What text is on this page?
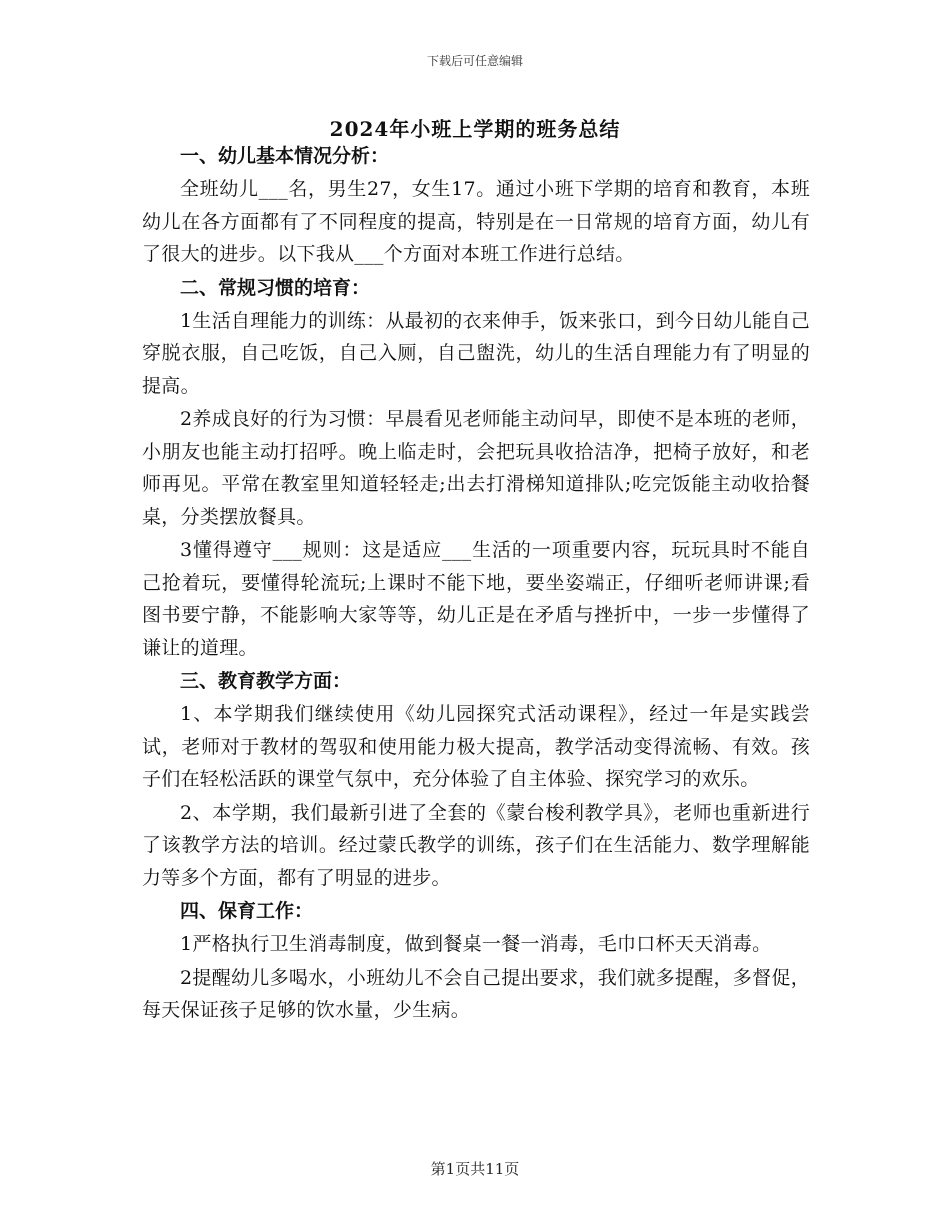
下载后可任意编辑
2024年小班上学期的班务总结

一、幼儿基本情况分析：

全班幼儿___名，男生27，女生17。通过小班下学期的培育和教育，本班幼儿在各方面都有了不同程度的提高，特别是在一日常规的培育方面，幼儿有了很大的进步。以下我从___个方面对本班工作进行总结。

二、常规习惯的培育：

1生活自理能力的训练：从最初的衣来伸手，饭来张口，到今日幼儿能自己穿脱衣服，自己吃饭，自己入厕，自己盥洗，幼儿的生活自理能力有了明显的提高。

2养成良好的行为习惯：早晨看见老师能主动问早，即使不是本班的老师，小朋友也能主动打招呼。晚上临走时，会把玩具收拾洁净，把椅子放好，和老师再见。平常在教室里知道轻轻走;出去打滑梯知道排队;吃完饭能主动收拾餐桌，分类摆放餐具。

3懂得遵守___规则：这是适应___生活的一项重要内容，玩玩具时不能自己抢着玩，要懂得轮流玩;上课时不能下地，要坐姿端正，仔细听老师讲课;看图书要宁静，不能影响大家等等，幼儿正是在矛盾与挫折中，一步一步懂得了谦让的道理。

三、教育教学方面：

1、本学期我们继续使用《幼儿园探究式活动课程》，经过一年是实践尝试，老师对于教材的驾驭和使用能力极大提高，教学活动变得流畅、有效。孩子们在轻松活跃的课堂气氛中，充分体验了自主体验、探究学习的欢乐。

2、本学期，我们最新引进了全套的《蒙台梭利教学具》，老师也重新进行了该教学方法的培训。经过蒙氏教学的训练，孩子们在生活能力、数学理解能力等多个方面，都有了明显的进步。

四、保育工作：

1严格执行卫生消毒制度，做到餐桌一餐一消毒，毛巾口杯天天消毒。

2提醒幼儿多喝水，小班幼儿不会自己提出要求，我们就多提醒，多督促，每天保证孩子足够的饮水量，少生病。

第1页共11页
